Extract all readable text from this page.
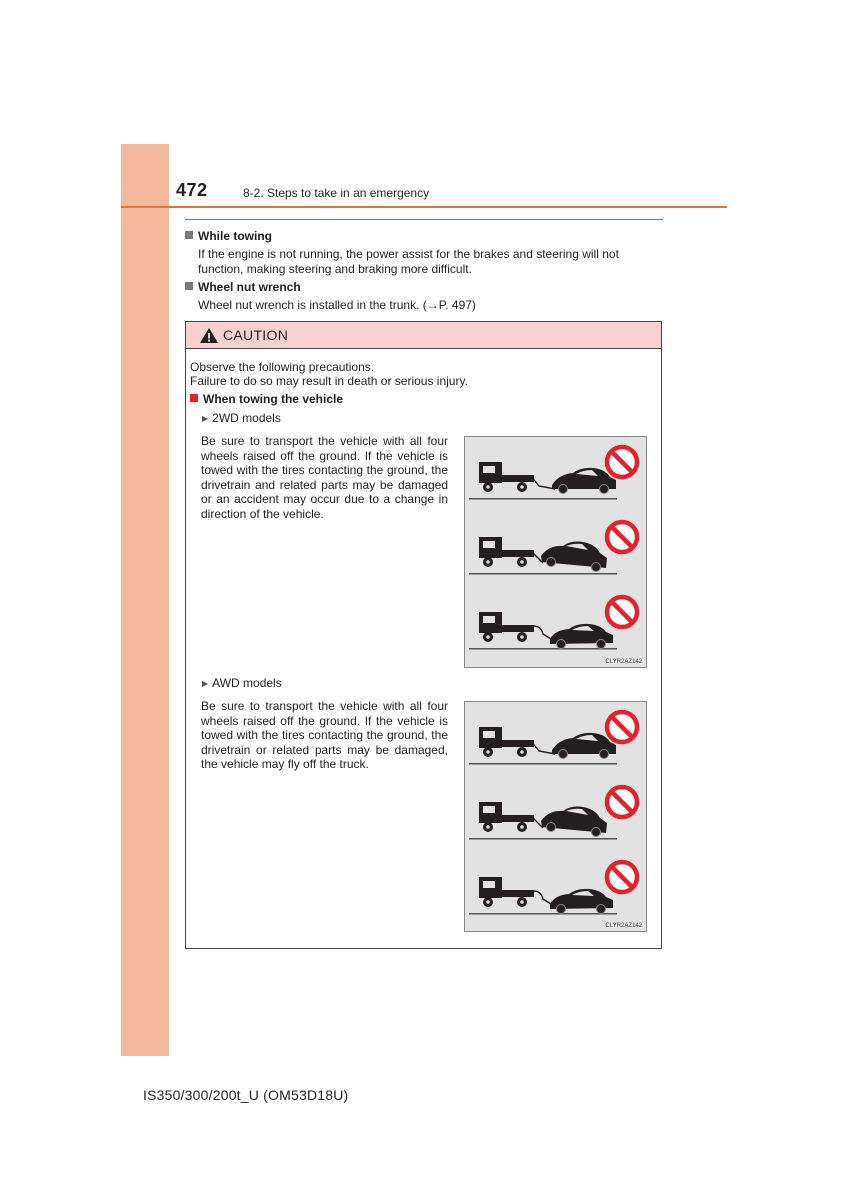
472	8-2. Steps to take in an emergency
While towing
If the engine is not running, the power assist for the brakes and steering will not function, making steering and braking more difficult.
Wheel nut wrench
Wheel nut wrench is installed in the trunk. (→P. 497)
CAUTION
Observe the following precautions.
Failure to do so may result in death or serious injury.
When towing the vehicle
▶ 2WD models
Be sure to transport the vehicle with all four wheels raised off the ground. If the vehicle is towed with the tires contacting the ground, the drivetrain and related parts may be damaged or an accident may occur due to a change in direction of the vehicle.
CLYR2AZ142
▶ AWD models
Be sure to transport the vehicle with all four wheels raised off the ground. If the vehicle is towed with the tires contacting the ground, the drivetrain or related parts may be damaged, the vehicle may fly off the truck.
CLYR2AZ142
IS350/300/200t_U (OM53D18U)
